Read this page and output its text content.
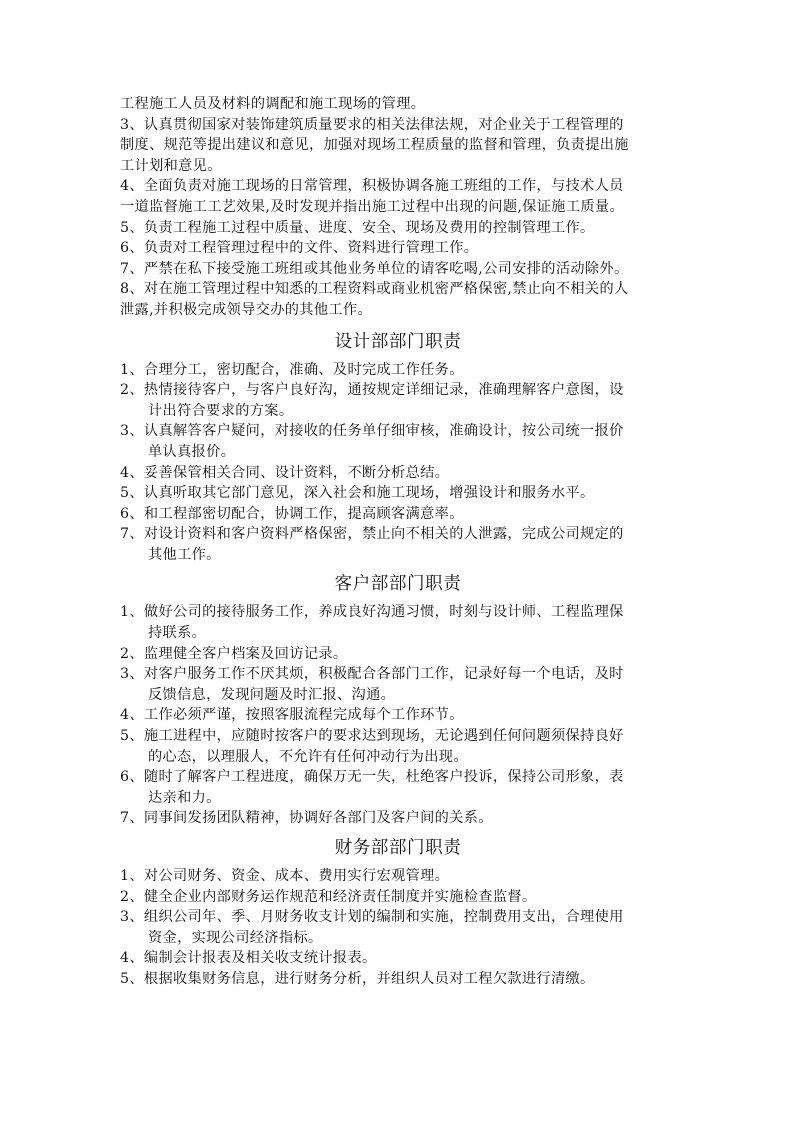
工程施工人员及材料的调配和施工现场的管理。
3、认真贯彻国家对装饰建筑质量要求的相关法律法规，对企业关于工程管理的
制度、规范等提出建议和意见，加强对现场工程质量的监督和管理，负责提出施
工计划和意见。
4、全面负责对施工现场的日常管理，积极协调各施工班组的工作，与技术人员
一道监督施工工艺效果,及时发现并指出施工过程中出现的问题,保证施工质量。
5、负责工程施工过程中质量、进度、安全、现场及费用的控制管理工作。
6、负责对工程管理过程中的文件、资料进行管理工作。
7、严禁在私下接受施工班组或其他业务单位的请客吃喝,公司安排的活动除外。
8、对在施工管理过程中知悉的工程资料或商业机密严格保密,禁止向不相关的人
泄露,并积极完成领导交办的其他工作。
设计部部门职责
1、合理分工，密切配合，准确、及时完成工作任务。
2、热情接待客户，与客户良好沟，通按规定详细记录，准确理解客户意图，设
计出符合要求的方案。
3、认真解答客户疑问，对接收的任务单仔细审核，准确设计，按公司统一报价
单认真报价。
4、妥善保管相关合同、设计资料，不断分析总结。
5、认真听取其它部门意见，深入社会和施工现场，增强设计和服务水平。
6、和工程部密切配合，协调工作，提高顾客满意率。
7、对设计资料和客户资料严格保密，禁止向不相关的人泄露，完成公司规定的
其他工作。
客户部部门职责
1、做好公司的接待服务工作，养成良好沟通习惯，时刻与设计师、工程监理保
持联系。
2、监理健全客户档案及回访记录。
3、对客户服务工作不厌其烦，积极配合各部门工作，记录好每一个电话，及时
反馈信息，发现问题及时汇报、沟通。
4、工作必须严谨，按照客服流程完成每个工作环节。
5、施工进程中，应随时按客户的要求达到现场，无论遇到任何问题须保持良好
的心态，以理服人，不允许有任何冲动行为出现。
6、随时了解客户工程进度，确保万无一失，杜绝客户投诉，保持公司形象，表
达亲和力。
7、同事间发扬团队精神，协调好各部门及客户间的关系。
财务部部门职责
1、对公司财务、资金、成本、费用实行宏观管理。
2、健全企业内部财务运作规范和经济责任制度并实施检查监督。
3、组织公司年、季、月财务收支计划的编制和实施，控制费用支出，合理使用
资金，实现公司经济指标。
4、编制会计报表及相关收支统计报表。
5、根据收集财务信息，进行财务分析，并组织人员对工程欠款进行清缴。
